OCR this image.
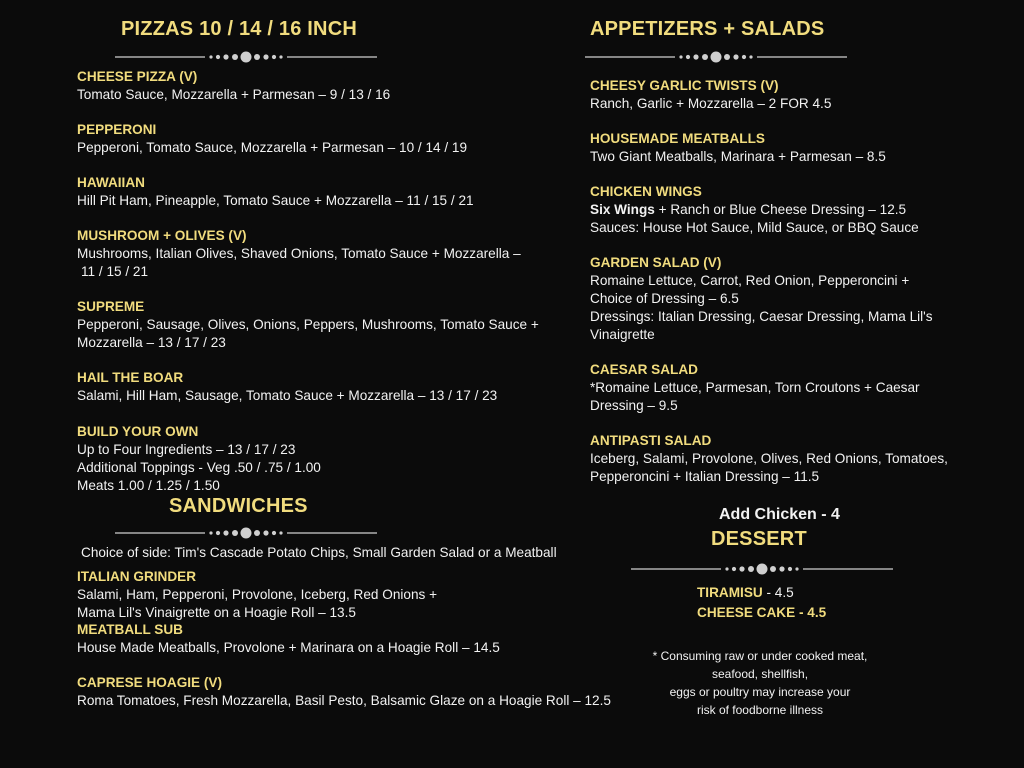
PIZZAS 10 / 14 / 16 INCH
CHEESE PIZZA (V)
Tomato Sauce, Mozzarella + Parmesan – 9 / 13 / 16
PEPPERONI
Pepperoni, Tomato Sauce, Mozzarella + Parmesan – 10 / 14 / 19
HAWAIIAN
Hill Pit Ham, Pineapple, Tomato Sauce + Mozzarella – 11 / 15 / 21
MUSHROOM + OLIVES (V)
Mushrooms, Italian Olives, Shaved Onions, Tomato Sauce + Mozzarella –
11 / 15 / 21
SUPREME
Pepperoni, Sausage, Olives, Onions, Peppers, Mushrooms, Tomato Sauce +
Mozzarella – 13 / 17 / 23
HAIL THE BOAR
Salami, Hill Ham, Sausage, Tomato Sauce + Mozzarella – 13 / 17 / 23
BUILD YOUR OWN
Up to Four Ingredients – 13 / 17 / 23
Additional Toppings - Veg .50 / .75 / 1.00
Meats 1.00 / 1.25 / 1.50
SANDWICHES
Choice of side: Tim's Cascade Potato Chips, Small Garden Salad or a Meatball
ITALIAN GRINDER
Salami, Ham, Pepperoni, Provolone, Iceberg, Red Onions +
Mama Lil's Vinaigrette on a Hoagie Roll – 13.5
MEATBALL SUB
House Made Meatballs, Provolone + Marinara on a Hoagie Roll – 14.5
CAPRESE HOAGIE (V)
Roma Tomatoes, Fresh Mozzarella, Basil Pesto, Balsamic Glaze on a Hoagie Roll – 12.5
APPETIZERS + SALADS
CHEESY GARLIC TWISTS (V)
Ranch, Garlic + Mozzarella – 2 FOR 4.5
HOUSEMADE MEATBALLS
Two Giant Meatballs, Marinara + Parmesan – 8.5
CHICKEN WINGS
Six Wings + Ranch or Blue Cheese Dressing – 12.5
Sauces: House Hot Sauce, Mild Sauce, or BBQ Sauce
GARDEN SALAD (V)
Romaine Lettuce, Carrot, Red Onion, Pepperoncini +
Choice of Dressing – 6.5
Dressings: Italian Dressing, Caesar Dressing, Mama Lil's
Vinaigrette
CAESAR SALAD
*Romaine Lettuce, Parmesan, Torn Croutons + Caesar
Dressing – 9.5
ANTIPASTI SALAD
Iceberg, Salami, Provolone, Olives, Red Onions, Tomatoes,
Pepperoncini + Italian Dressing – 11.5
Add Chicken - 4
DESSERT
TIRAMISU - 4.5
CHEESE CAKE - 4.5
* Consuming raw or under cooked meat,
seafood, shellfish,
eggs or poultry may increase your
risk of foodborne illness
